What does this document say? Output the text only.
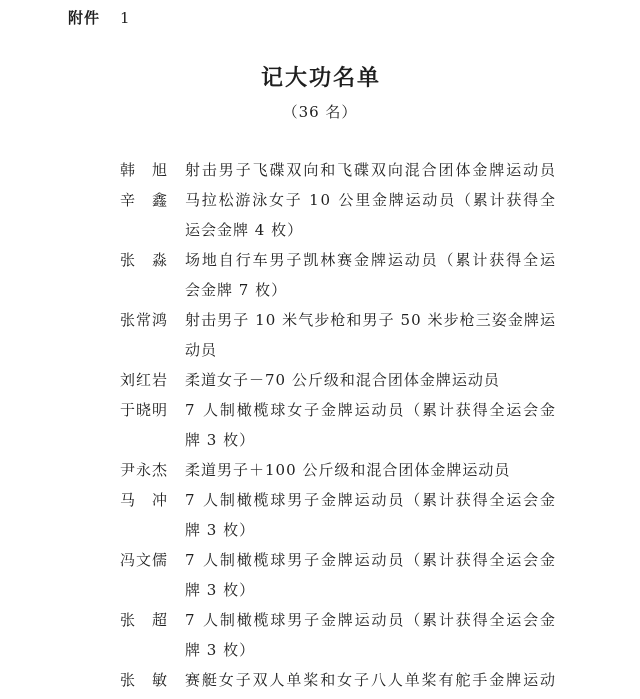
附件 1
记大功名单
（36 名）
韩　旭	射击男子飞碟双向和飞碟双向混合团体金牌运动员
辛　鑫	马拉松游泳女子 10 公里金牌运动员（累计获得全
运会金牌 4 枚）
张　淼	场地自行车男子凯林赛金牌运动员（累计获得全运
会金牌 7 枚）
张常鸿	射击男子 10 米气步枪和男子 50 米步枪三姿金牌运
动员
刘红岩	柔道女子－70 公斤级和混合团体金牌运动员
于晓明	7 人制橄榄球女子金牌运动员（累计获得全运会金
牌 3 枚）
尹永杰	柔道男子＋100 公斤级和混合团体金牌运动员
马　冲	7 人制橄榄球男子金牌运动员（累计获得全运会金
牌 3 枚）
冯文儒	7 人制橄榄球男子金牌运动员（累计获得全运会金
牌 3 枚）
张　超	7 人制橄榄球男子金牌运动员（累计获得全运会金
牌 3 枚）
张　敏	赛艇女子双人单桨和女子八人单桨有舵手金牌运动
